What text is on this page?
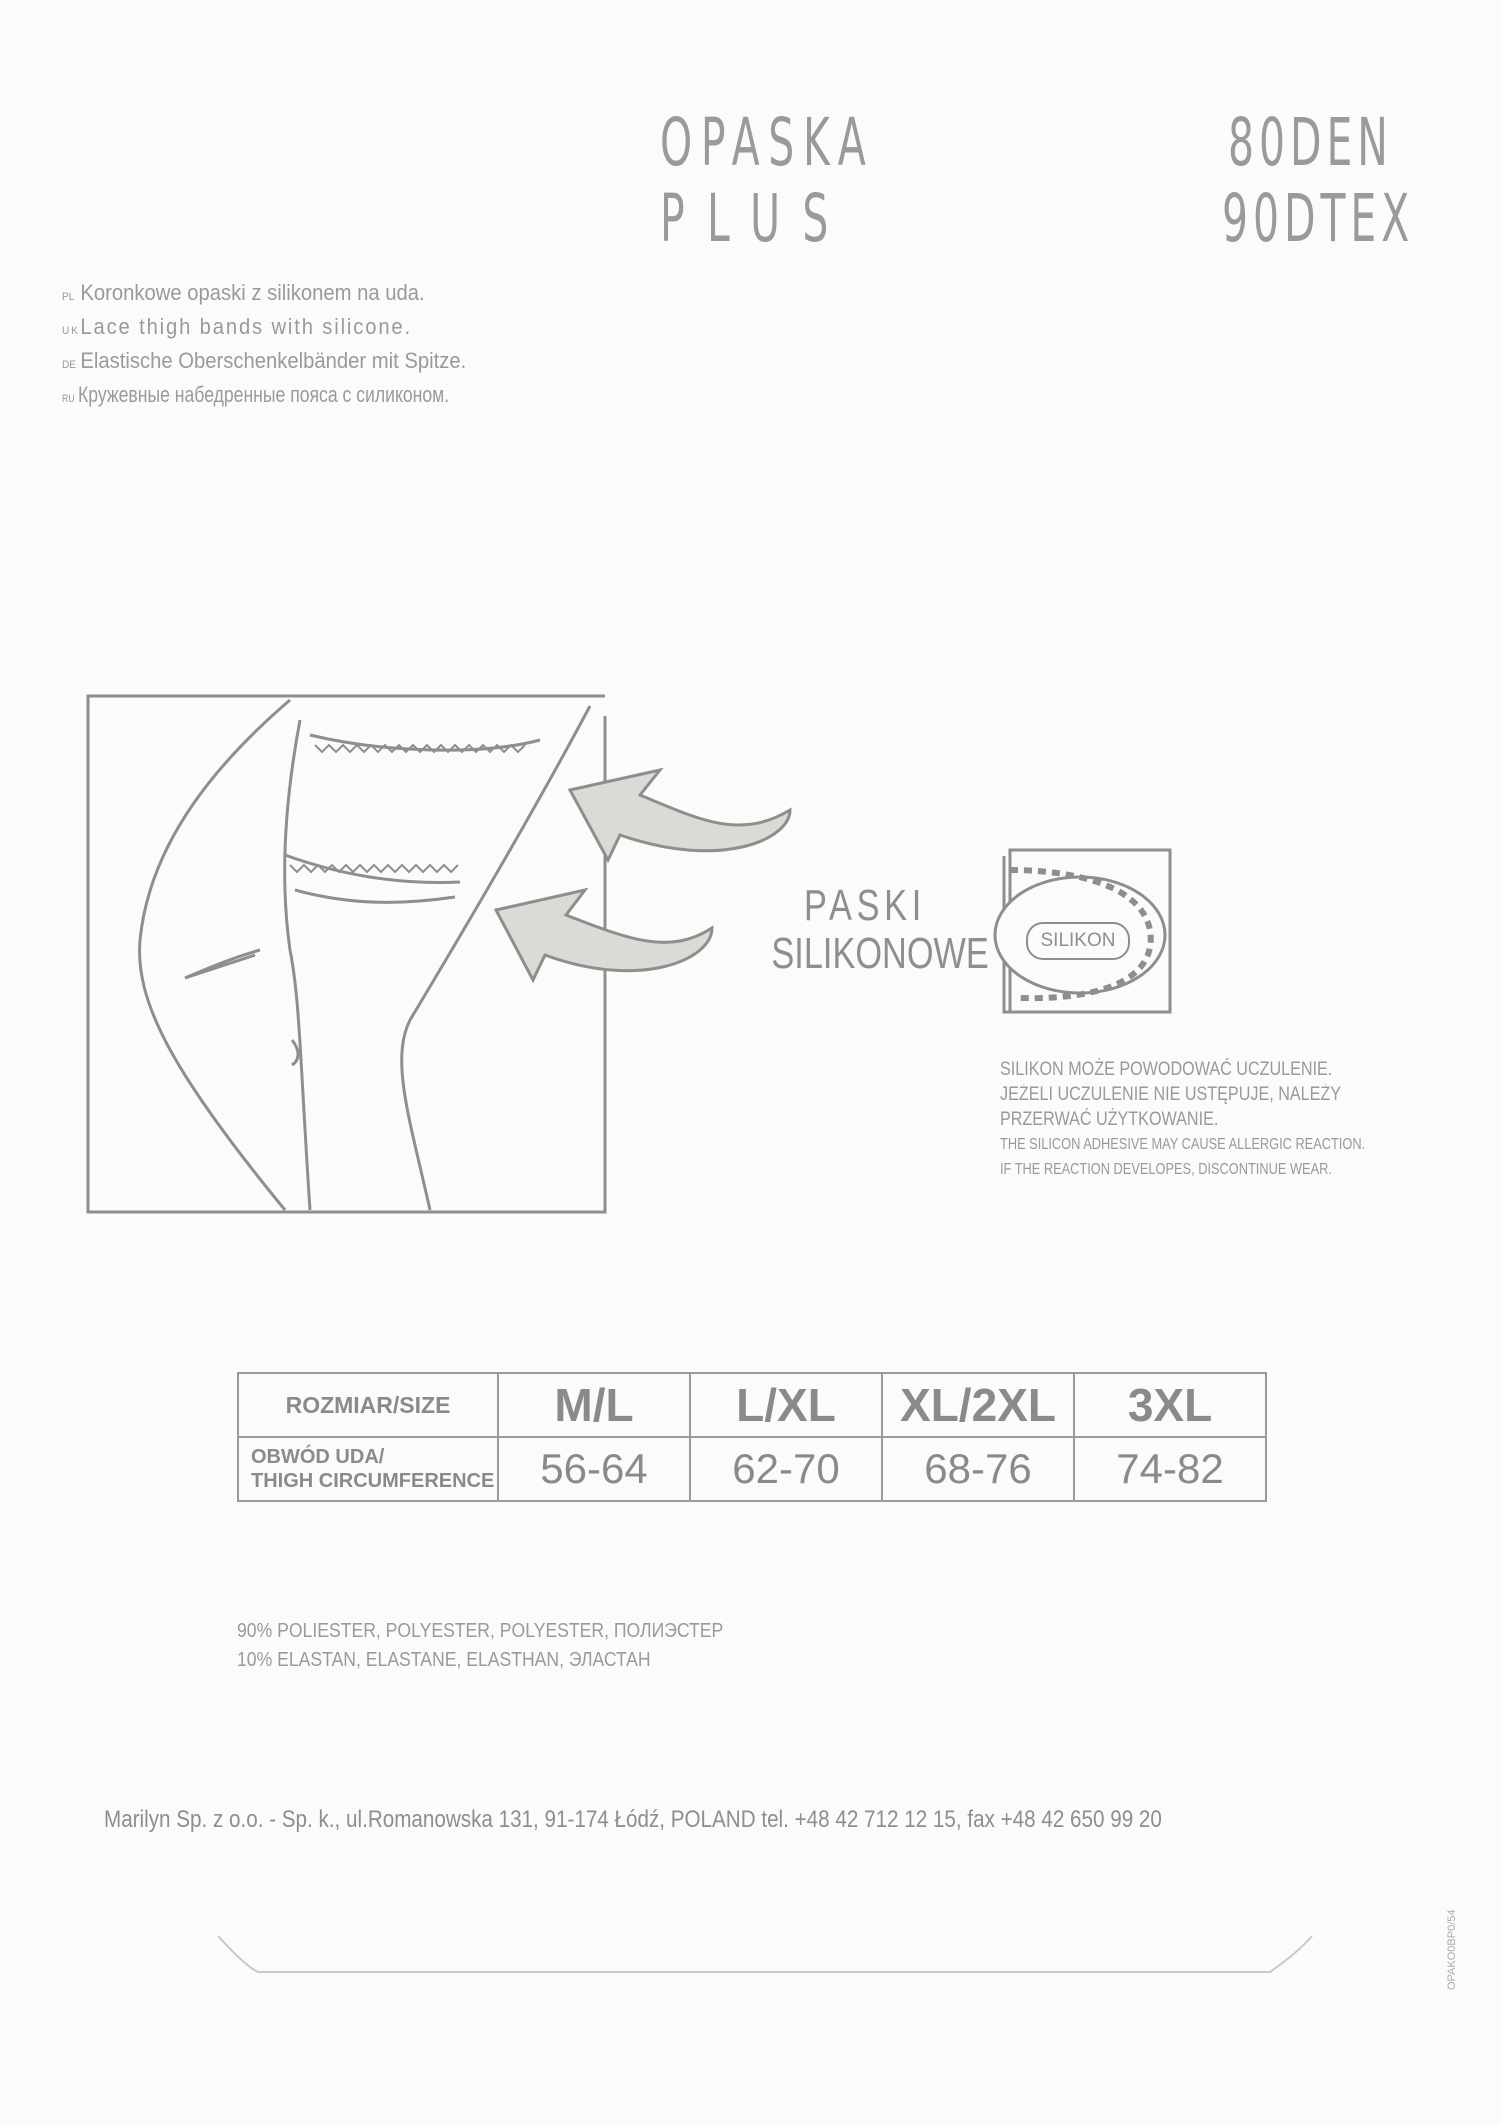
OPASKA
PLUS
80DEN
90DTEX
PL Koronkowe opaski z silikonem na uda.
UKLace thigh bands with silicone.
DE Elastische Oberschenkelbänder mit Spitze.
RU Кружевные набедренные пояса с силиконом.
PASKI
SILIKONOWE	SILIKON
SILIKON MOŻE POWODOWAĆ UCZULENIE.
JEŻELI UCZULENIE NIE USTĘPUJE, NALEŻY
PRZERWAĆ UŻYTKOWANIE.
THE SILICON ADHESIVE MAY CAUSE ALLERGIC REACTION.
IF THE REACTION DEVELOPES, DISCONTINUE WEAR.
ROZMIAR/SIZE	M/L	L/XL	XL/2XL	3XL

OBWÓD UDA/
THIGH CIRCUMFERENCE	56-64	62-70	68-76	74-82
90% POLIESTER, POLYESTER, POLYESTER, ПОЛИЭСТЕР
10% ELASTAN, ELASTANE, ELASTHAN, ЭЛАСТАН
Marilyn Sp. z o.o. - Sp. k., ul.Romanowska 131, 91-174 Łódź, POLAND tel. +48 42 712 12 15, fax +48 42 650 99 20
OPAKO0BP0/54
